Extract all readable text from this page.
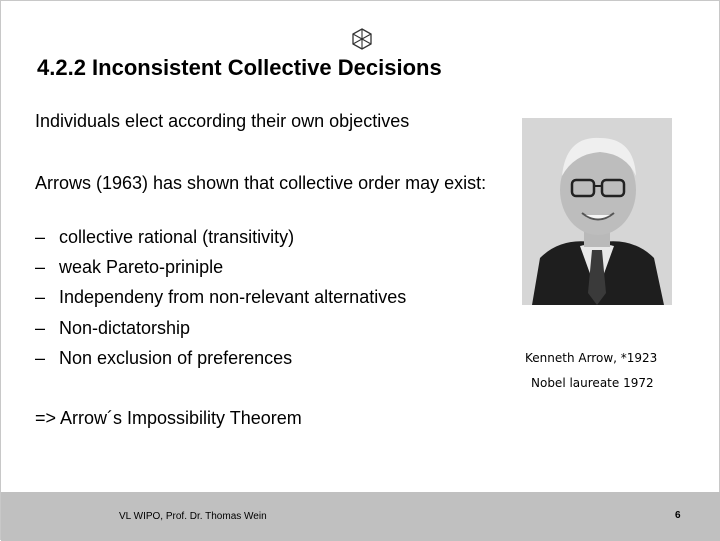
4.2.2 Inconsistent Collective Decisions
Individuals elect according their own objectives
Arrows (1963) has shown that collective order may exist:
– collective rational (transitivity)
– weak Pareto-priniple
– Independeny from non-relevant alternatives
– Non-dictatorship
– Non exclusion of preferences
=> Arrow´s Impossibility Theorem
Kenneth Arrow, *1923
Nobel laureate 1972
VL WIPO, Prof. Dr. Thomas Wein	6
